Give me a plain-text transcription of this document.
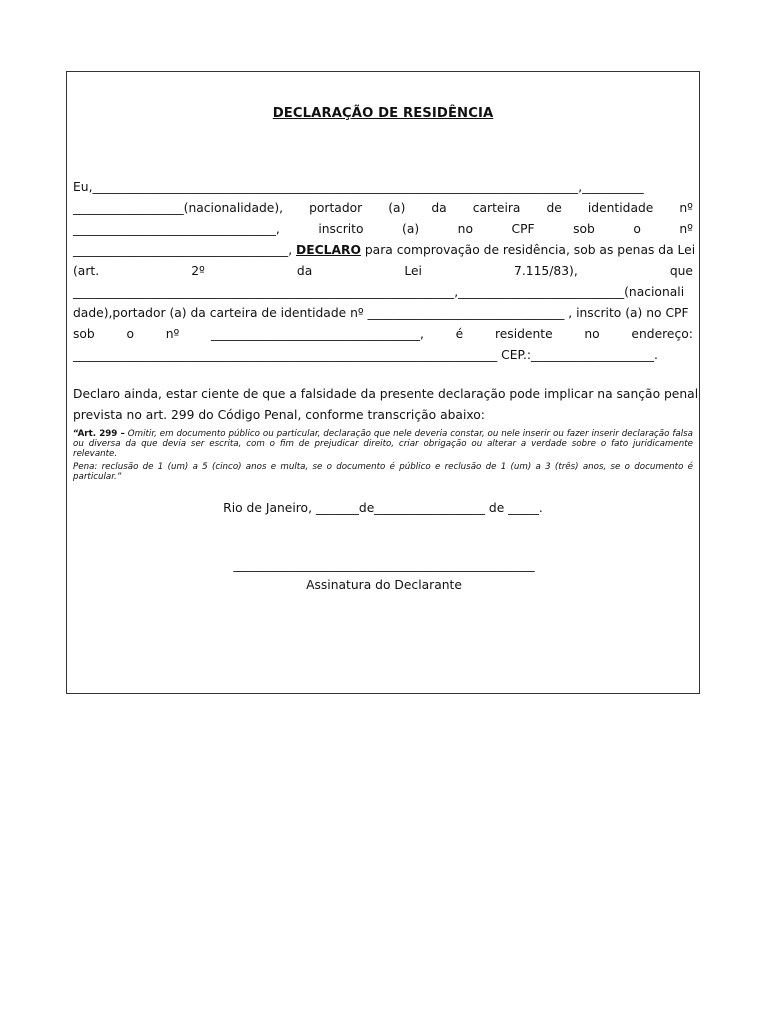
DECLARAÇÃO DE RESIDÊNCIA
Eu,_______________________________________________________________________________,__________
__________________(nacionalidade), portador (a) da carteira de identidade nº
_________________________________,	inscrito	(a)	no	CPF	sob	o	nº
___________________________________, DECLARO para comprovação de residência, sob as penas da Lei
(art.	2º	da	Lei	7.115/83),	que
______________________________________________________________,___________________________(nacionali
dade),portador (a) da carteira de identidade nº ________________________________ , inscrito (a) no CPF
sob	o	nº	__________________________________,	é	residente	no	endereço:
_____________________________________________________________________ CEP.:____________________.
Declaro ainda, estar ciente de que a falsidade da presente declaração pode implicar na sanção penal
prevista no art. 299 do Código Penal, conforme transcrição abaixo:
“Art. 299 – Omitir, em documento público ou particular, declaração que nele deveria constar, ou nele inserir ou fazer inserir declaração falsa ou diversa da que devia ser escrita, com o fim de prejudicar direito, criar obrigação ou alterar a verdade sobre o fato juridicamente relevante.
Pena: reclusão de 1 (um) a 5 (cinco) anos e multa, se o documento é público e reclusão de 1 (um) a 3 (três) anos, se o documento é particular.”
Rio de Janeiro, _______de__________________ de _____.
_________________________________________________
Assinatura do Declarante
